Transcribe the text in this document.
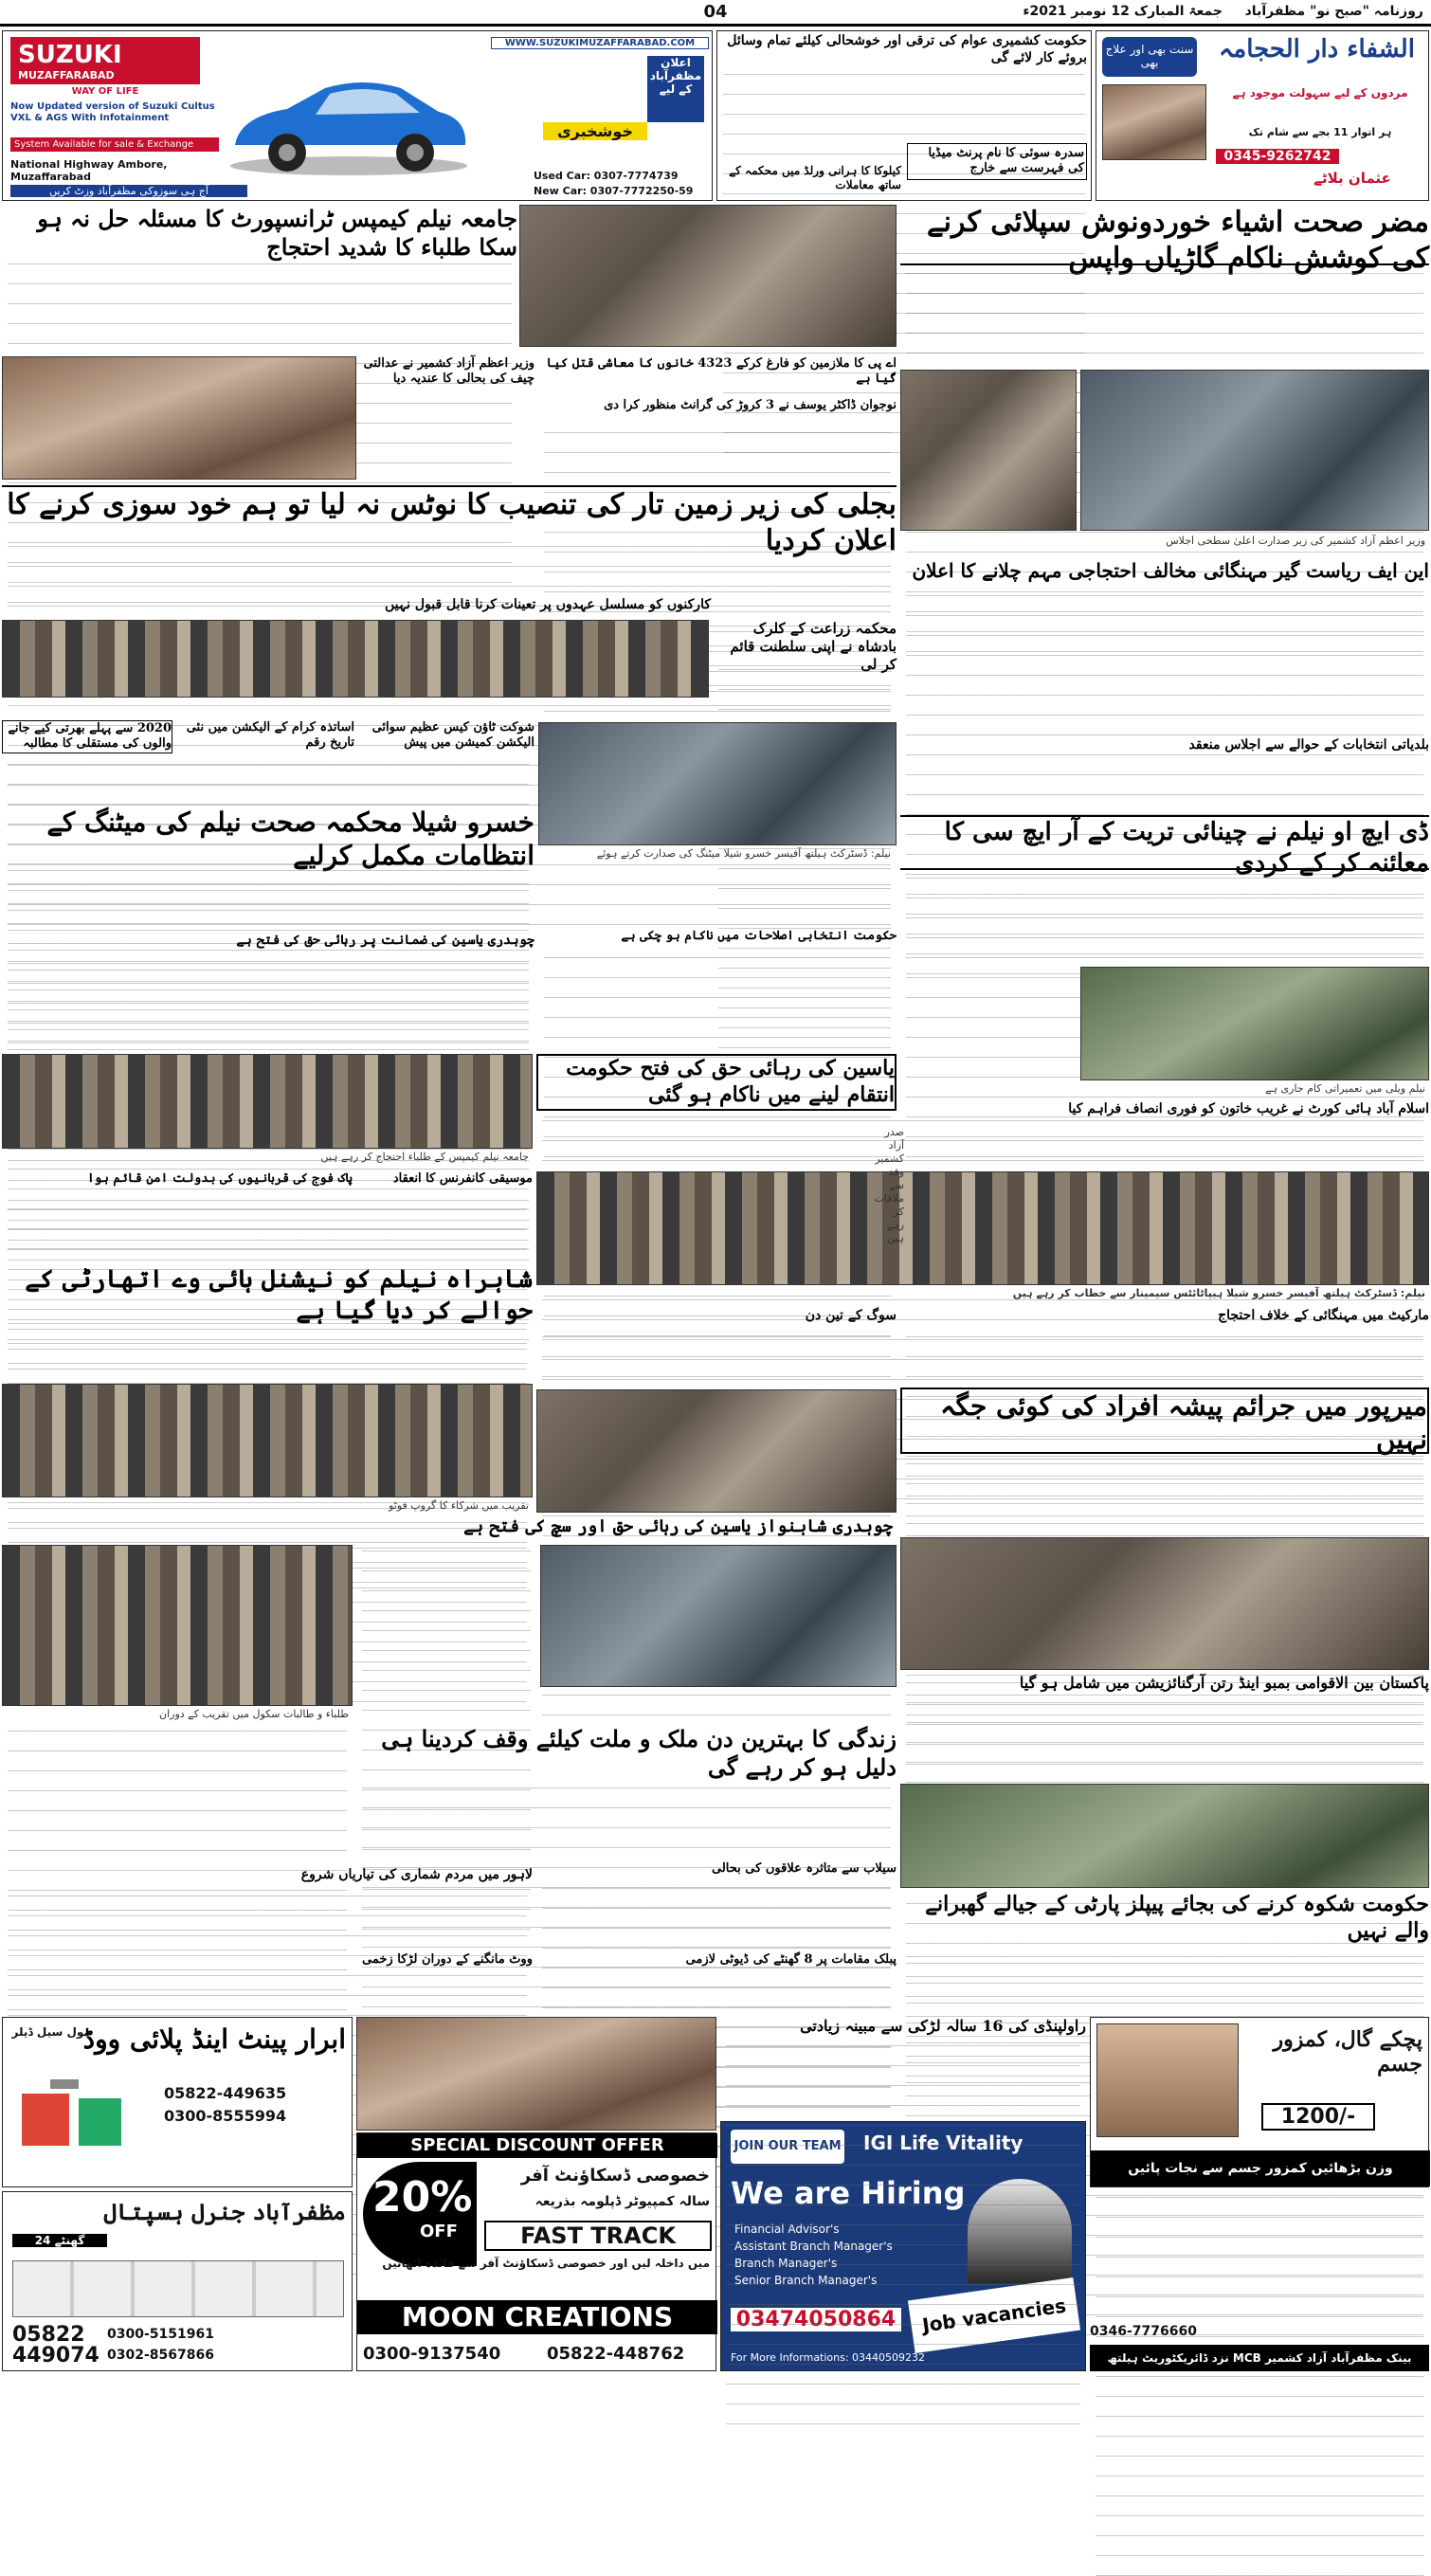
روزنامہ "صبح نو" مظفرآباد
جمعۃ المبارک 12 نومبر 2021ء
04
SUZUKI
MUZAFFARABAD
WAY OF LIFE
Now Updated version of Suzuki Cultus VXL & AGS With Infotainment
System Available for sale & Exchange
National Highway Ambore, Muzaffarabad
آج ہی سوزوکی مظفرآباد وزٹ کریں
WWW.SUZUKIMUZAFFARABAD.COM
اعلان مظفرآباد کے لیے
خوشخبری
Used Car: 0307-7774739
New Car: 0307-7772250-59
حکومت کشمیری عوام کی ترقی اور خوشحالی کیلئے تمام وسائل بروئے کار لائے گی
سدرہ سوئی کا نام پرنٹ میڈیا کی فہرست سے خارج
کیلوکا کا ہرانی ورلڈ میں محکمہ کے ساتھ معاملات
الشفاء دار الحجامہ
سنت بھی اور علاج بھی
مردوں کے لیے سہولت موجود ہے
ہر اتوار 11 بجے سے شام تک
0345-9262742
عثمان بلاٹے
مضر صحت اشیاء خوردونوش سپلائی کرنے کی کوشش ناکام گاڑیاں واپس
وزیر اعظم آزاد کشمیر کی زیر صدارت اعلیٰ سطحی اجلاس
این ایف ریاست گیر مہنگائی مخالف احتجاجی مہم چلانے کا اعلان
جامعہ نیلم کیمپس ٹرانسپورٹ کا مسئلہ حل نہ ہو سکا طلباء کا شدید احتجاج
وزیر اعظم آزاد کشمیر نے عدالتی چیف کی بحالی کا عندیہ دیا
اے پی کا ملازمین کو فارغ کرکے 4323 خانوں کا معاشی قتل کیا گیا ہے
نوجوان ڈاکٹر یوسف نے 3 کروڑ کی گرانٹ منظور کرا دی
بجلی کی زیر زمین تار کی تنصیب کا نوٹس نہ لیا تو ہم خود سوزی کرنے کا اعلان کردیا
کارکنوں کو مسلسل عہدوں پر تعینات کرنا قابل قبول نہیں
محکمہ زراعت کے کلرک بادشاہ نے اپنی سلطنت قائم کر لی
2020 سے پہلے بھرتی کیے جانے والوں کی مستقلی کا مطالبہ
اساتذہ کرام کے الیکشن میں نئی تاریخ رقم
شوکت ٹاؤن کیس عظیم سوائی الیکشن کمیشن میں پیش
خسرو شیلا محکمہ صحت نیلم کی میٹنگ کے انتظامات مکمل کرلیے
چوہدری یاسین کی ضمانت پر رہائی حق کی فتح ہے	حکومت انتخابی اصلاحات میں ناکام ہو چکی ہے
بلدیاتی انتخابات کے حوالے سے اجلاس منعقد
ڈی ایچ او نیلم نے چینائی تریت کے آر ایچ سی کا معائنہ کر کے کردی
نیلم ویلی میں تعمیراتی کام جاری ہے
اسلام آباد ہائی کورٹ نے غریب خاتون کو فوری انصاف فراہم کیا
جامعہ نیلم کیمپس کے طلباء احتجاج کر رہے ہیں
یاسین کی رہائی حق کی فتح حکومت انتقام لینے میں ناکام ہو گئی
نیلم: ڈسٹرکٹ ہیلتھ آفیسر خسرو شیلا ہیپاٹائٹس سیمینار سے خطاب کر رہے ہیں
پاک فوج کی قربانیوں کی بدولت امن قائم ہوا	موسیقی کانفرنس کا انعقاد
شاہراہ نیلم کو نیشنل ہائی وے اتھارٹی کے حوالے کر دیا گیا ہے
تقریب میں شرکاء کا گروپ فوٹو
سوگ کے تین دن	مارکیٹ میں مہنگائی کے خلاف احتجاج
میرپور میں جرائم پیشہ افراد کی کوئی جگہ نہیں
چوہدری شاہنواز یاسین کی رہائی حق اور سچ کی فتح ہے
طلباء و طالبات سکول میں تقریب کے دوران
پاکستان بین الاقوامی بمبو اینڈ رتن آرگنائزیشن میں شامل ہو گیا
زندگی کا بہترین دن ملک و ملت کیلئے وقف کردینا ہی دلیل ہو کر رہے گی
لاہور میں مردم شماری کی تیاریاں شروع	سیلاب سے متاثرہ علاقوں کی بحالی
حکومت شکوہ کرنے کی بجائے پیپلز پارٹی کے جیالے گھبرانے والے نہیں
پبلک مقامات پر 8 گھنٹے کی ڈیوٹی لازمی
ووٹ مانگنے کے دوران لڑکا زخمی
ابرار پینٹ اینڈ پلائی ووڈ
ہول سیل ڈیلر
05822-449635
0300-8555994
مظفرآباد جنرل ہسپتال
24 گھنٹے
05822
449074
0300-5151961
0302-8567866
SPECIAL DISCOUNT OFFER
20%
OFF
خصوصی ڈسکاؤنٹ آفر
سالہ کمپیوٹر ڈپلومہ بذریعہ
FAST TRACK
میں داخلہ لیں اور خصوصی ڈسکاؤنٹ آفر سے فائدہ اٹھائیں
MOON CREATIONS
0300-9137540	05822-448762
JOIN OUR TEAM IGI Life Vitality
We are Hiring
Financial Advisor's
Assistant Branch Manager's
Branch Manager's
Senior Branch Manager's
03474050864	Job vacancies
For More Informations: 03440509232
راولپنڈی کی 16 سالہ لڑکی سے مبینہ زیادتی
پچکے گال، کمزور جسم
1200/-
وزن بڑھائیں کمزور جسم سے نجات پائیں
0346-7776660
نزد ڈائریکٹوریٹ ہیلتھ MCB بینک مظفرآباد آزاد کشمیر
صدر آزاد کشمیر
نیلم: ڈسٹرکٹ ہیلتھ آفیسر خسرو شیلا میٹنگ کی صدارت کرتے ہوئے
